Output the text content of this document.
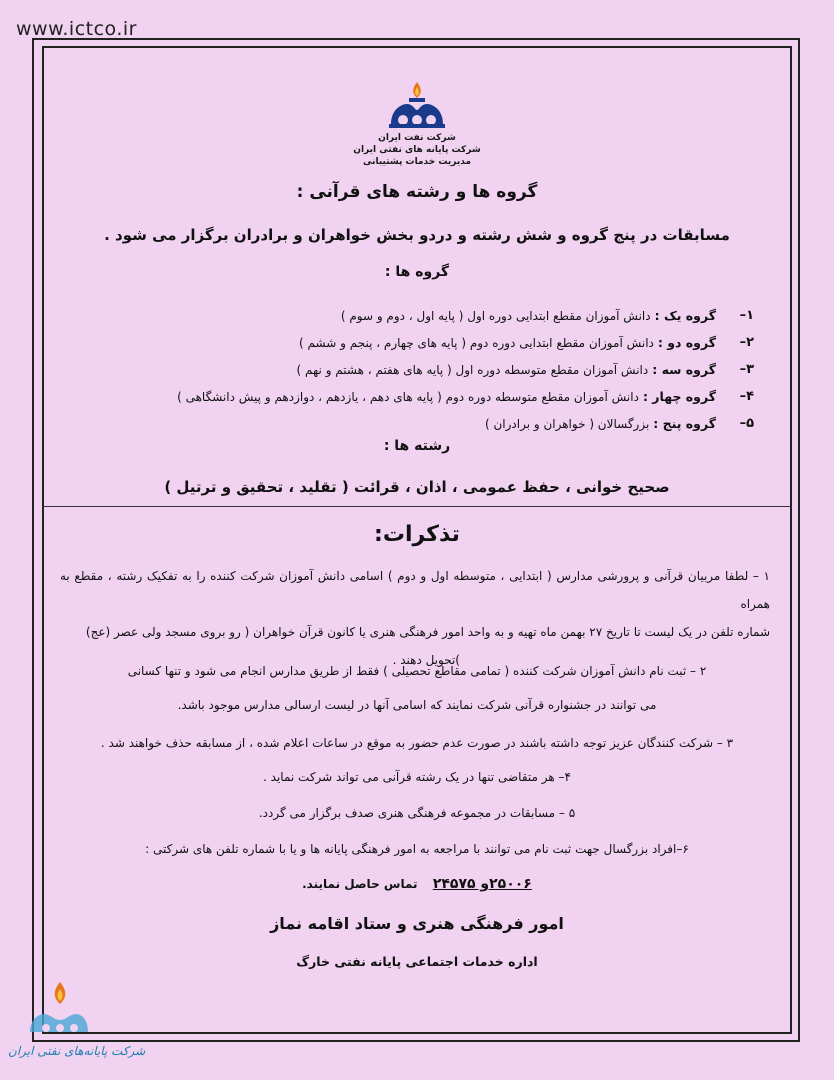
www.ictco.ir
شرکت نفت ایران
شرکت پایانه های نفتی ایران
مدیریت خدمات پشتیبانی
گروه ها و رشته های قرآنی :
مسابقات در پنج گروه و شش رشته و دردو بخش خواهران و برادران برگزار می شود .
گروه ها :
۱–
گروه یک :
دانش آموزان مقطع ابتدایی دوره اول ( پایه اول ، دوم و سوم )
۲–
گروه دو :
دانش آموزان مقطع ابتدایی دوره دوم ( پایه های چهارم ، پنجم و ششم )
۳–
گروه سه :
دانش آموزان مقطع متوسطه دوره اول ( پایه های هفتم ، هشتم و نهم )
۴–
گروه چهار :
دانش آموزان مقطع متوسطه دوره دوم ( پایه های دهم ، یازدهم ، دوازدهم و پیش دانشگاهی )
۵–
گروه پنج :
بزرگسالان ( خواهران و برادران )
رشته ها :
صحیح خوانی ، حفظ عمومی ، اذان ، قرائت ( تقلید ، تحقیق و ترتیل )
تذکرات:
۱ – لطفا مربیان قرآنی و پرورشی مدارس ( ابتدایی ، متوسطه اول و دوم ) اسامی دانش آموزان شرکت کننده را به تفکیک رشته ، مقطع به همراه
شماره تلفن در یک لیست تا تاریخ ۲۷ بهمن ماه تهیه و به واحد امور فرهنگی هنری یا کانون قرآن خواهران ( رو بروی مسجد ولی عصر (عج)
)تحویل دهند .
۲ – ثبت نام دانش آموزان شرکت کننده ( تمامی مقاطع تحصیلی ) فقط از طریق مدارس انجام می شود و تنها کسانی
می توانند در جشنواره قرآنی شرکت نمایند که اسامی آنها در لیست ارسالی مدارس موجود باشد.
۳ – شرکت کنندگان عزیز توجه داشته باشند در صورت عدم حضور به موقع در ساعات اعلام شده ، از مسابقه حذف خواهند شد .
۴– هر متقاضی تنها در یک رشته قرآنی می تواند شرکت نماید .
۵ – مسابقات در مجموعه فرهنگی هنری صدف برگزار می گردد.
۶–افراد بزرگسال جهت ثبت نام می توانند با مراجعه به امور فرهنگی پایانه ها و یا با شماره تلفن های شرکتی :
۲۵۰۰۶و ۲۴۵۷۵    تماس حاصل نمایند.
امور فرهنگی هنری و ستاد اقامه نماز
اداره خدمات اجتماعی پایانه نفتی خارگ
شرکت پایانه‌های نفتی ایران
